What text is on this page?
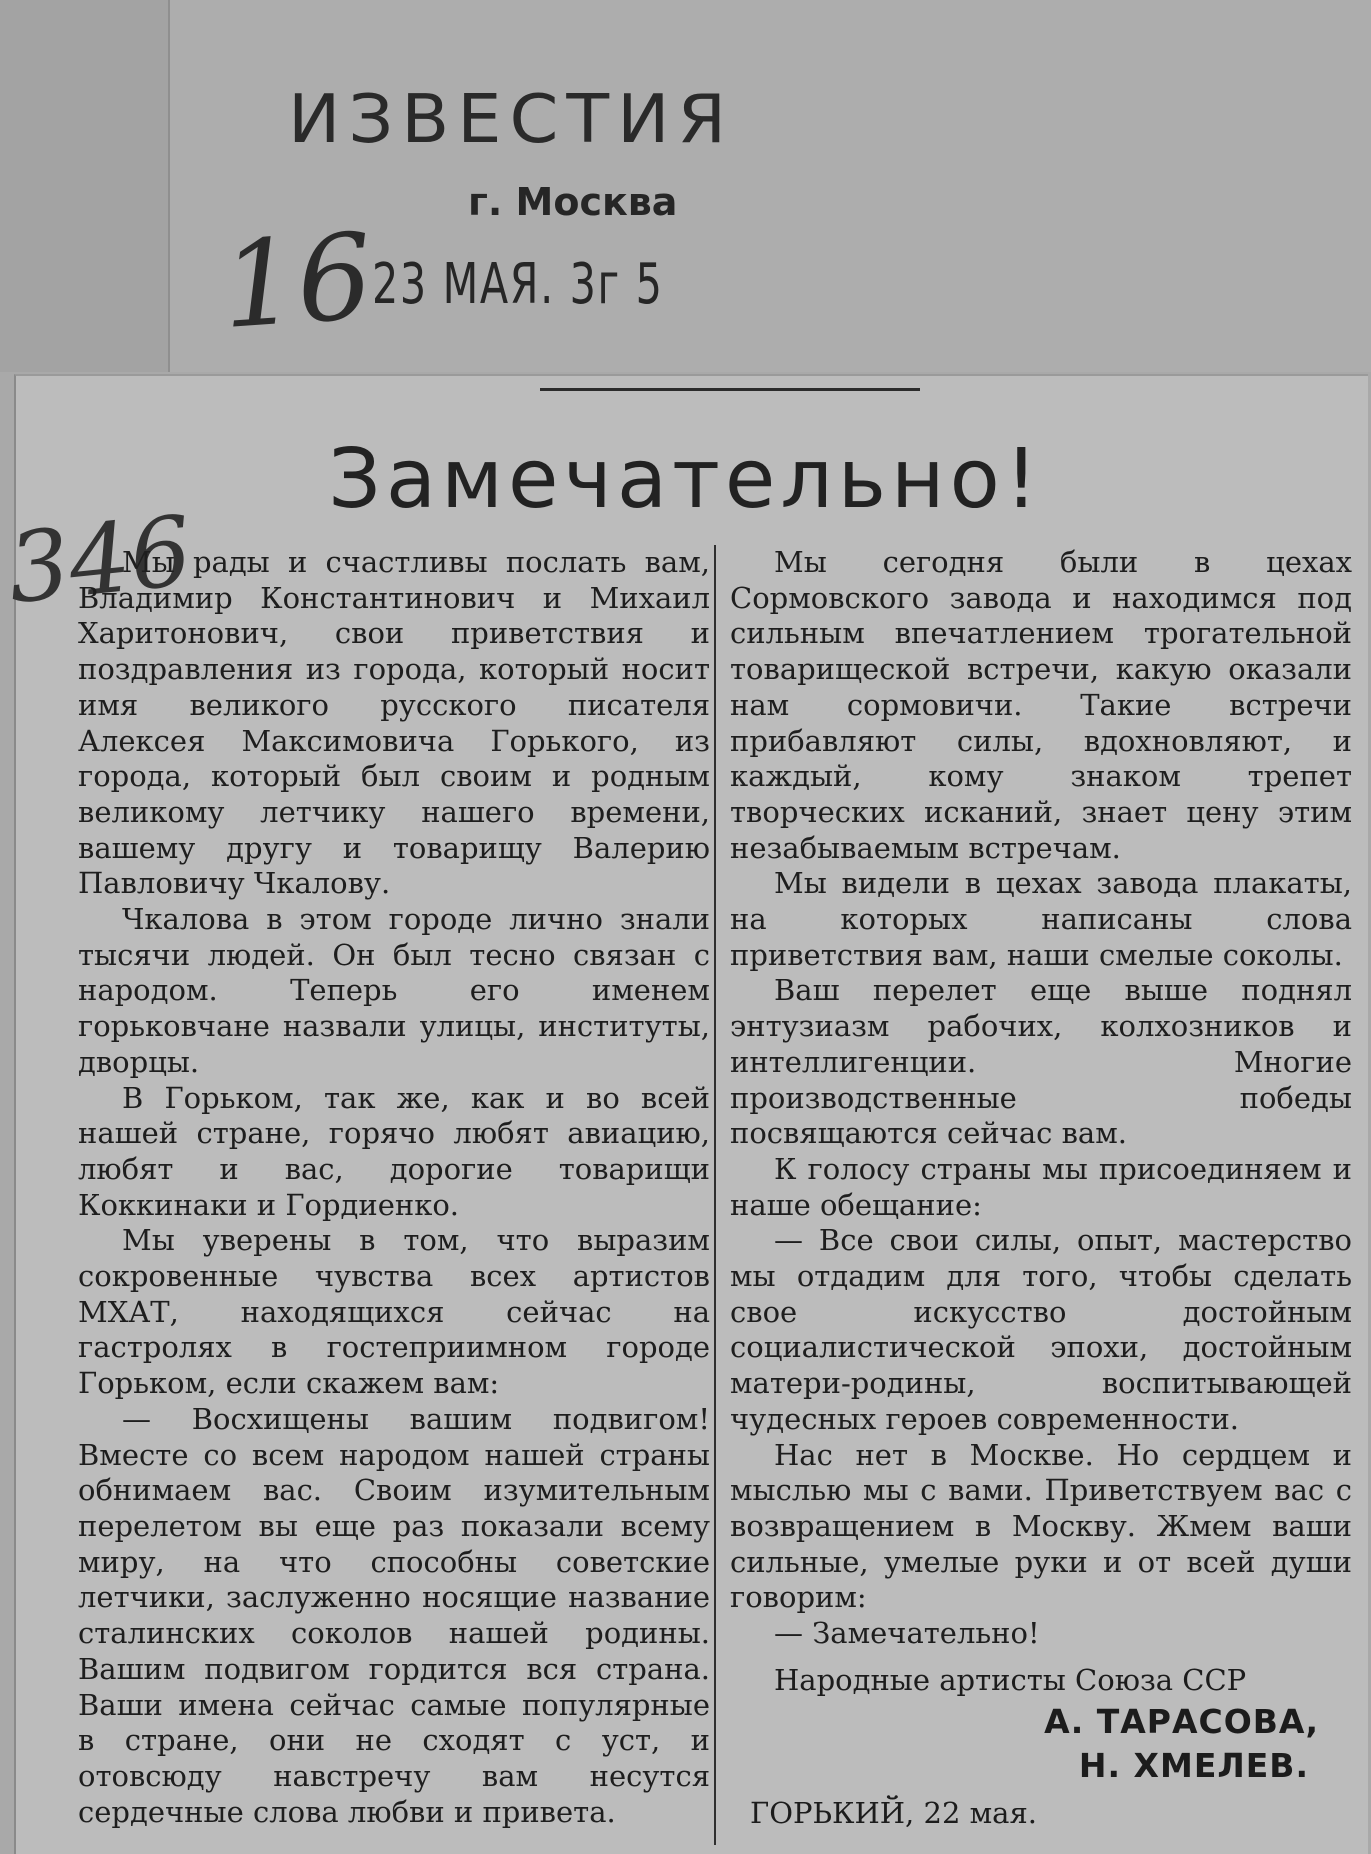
ИЗВЕСТИЯ

г. Москва

16
23 МАЯ. 3г 5
Замечательно!
346

Мы рады и счастливы послать вам, Владимир Константинович и Михаил Харитонович, свои приветствия и поздравления из города, который носит имя великого русского писателя Алексея Максимовича Горького, из города, который был своим и родным великому летчику нашего времени, вашему другу и товарищу Валерию Павловичу Чкалову.

Чкалова в этом городе лично знали тысячи людей. Он был тесно связан с народом. Теперь его именем горьковчане назвали улицы, институты, дворцы.

В Горьком, так же, как и во всей нашей стране, горячо любят авиацию, любят и вас, дорогие товарищи Коккинаки и Гордиенко.

Мы уверены в том, что выразим сокровенные чувства всех артистов МХАТ, находящихся сейчас на гастролях в гостеприимном городе Горьком, если скажем вам:

— Восхищены вашим подвигом! Вместе со всем народом нашей страны обнимаем вас. Своим изумительным перелетом вы еще раз показали всему миру, на что способны советские летчики, заслуженно носящие название сталинских соколов нашей родины. Вашим подвигом гордится вся страна. Ваши имена сейчас самые популярные в стране, они не сходят с уст, и отовсюду навстречу вам несутся сердечные слова любви и привета.

Мы сегодня были в цехах Сормовского завода и находимся под сильным впечатлением трогательной товарищеской встречи, какую оказали нам сормовичи. Такие встречи прибавляют силы, вдохновляют, и каждый, кому знаком трепет творческих исканий, знает цену этим незабываемым встречам.

Мы видели в цехах завода плакаты, на которых написаны слова приветствия вам, наши смелые соколы.

Ваш перелет еще выше поднял энтузиазм рабочих, колхозников и интеллигенции. Многие производственные победы посвящаются сейчас вам.

К голосу страны мы присоединяем и наше обещание:

— Все свои силы, опыт, мастерство мы отдадим для того, чтобы сделать свое искусство достойным социалистической эпохи, достойным матери-родины, воспитывающей чудесных героев современности.

Нас нет в Москве. Но сердцем и мыслью мы с вами. Приветствуем вас с возвращением в Москву. Жмем ваши сильные, умелые руки и от всей души говорим:

— Замечательно!

Народные артисты Союза ССР

А. ТАРАСОВА,

Н. ХМЕЛЕВ.

ГОРЬКИЙ, 22 мая.
